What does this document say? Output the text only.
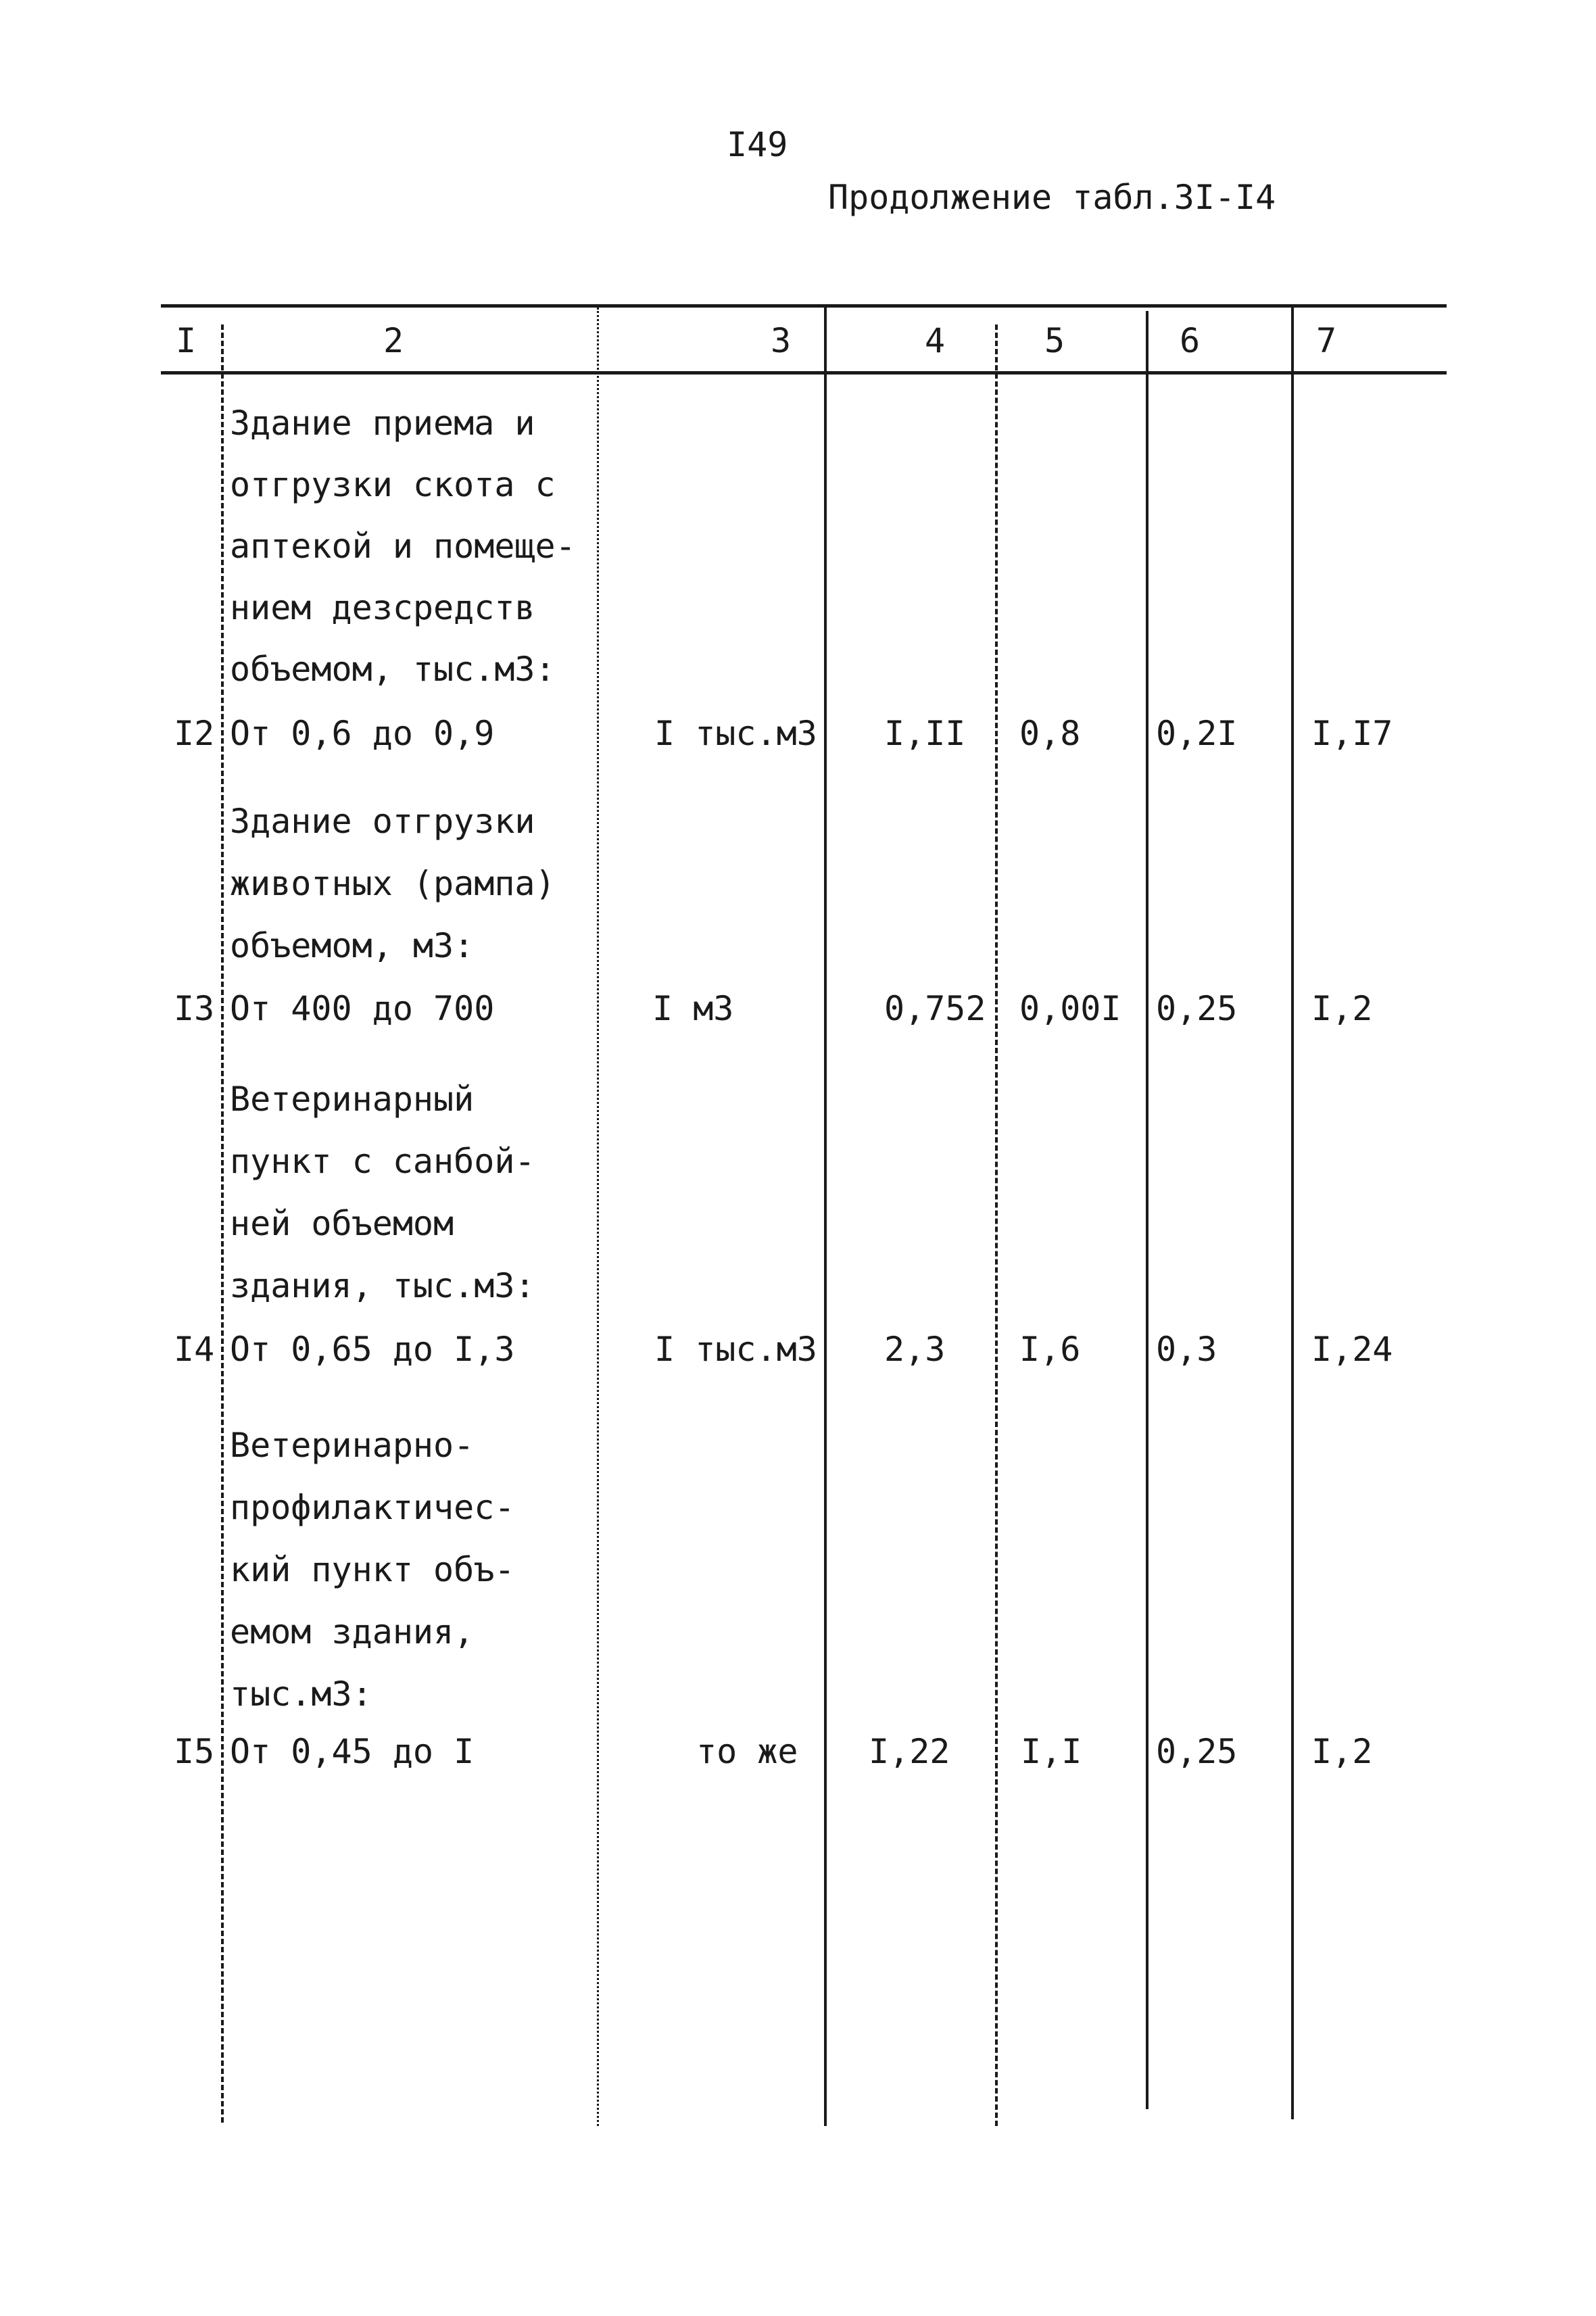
I49
Продолжение табл.3I-I4
I	2	3	4	5	6	7
Здание приема и
отгрузки скота с
аптекой и помеще-
нием дезсредств
объемом, тыс.м3:
I2 От 0,6 до 0,9	I тыс.м3 I,II 0,8 0,2I I,I7
Здание отгрузки
животных (рампа)
объемом, м3:
I3 От 400 до 700	I м3	0,752 0,00I 0,25 I,2
Ветеринарный
пункт с санбой-
ней объемом
здания, тыс.м3:
I4 От 0,65 до I,3	I тыс.м3 2,3 I,6 0,3	I,24
Ветеринарно-
профилактичес-
кий пункт объ-
емом здания,
тыс.м3:
I5 От 0,45 до I	то же I,22 I,I 0,25 I,2
